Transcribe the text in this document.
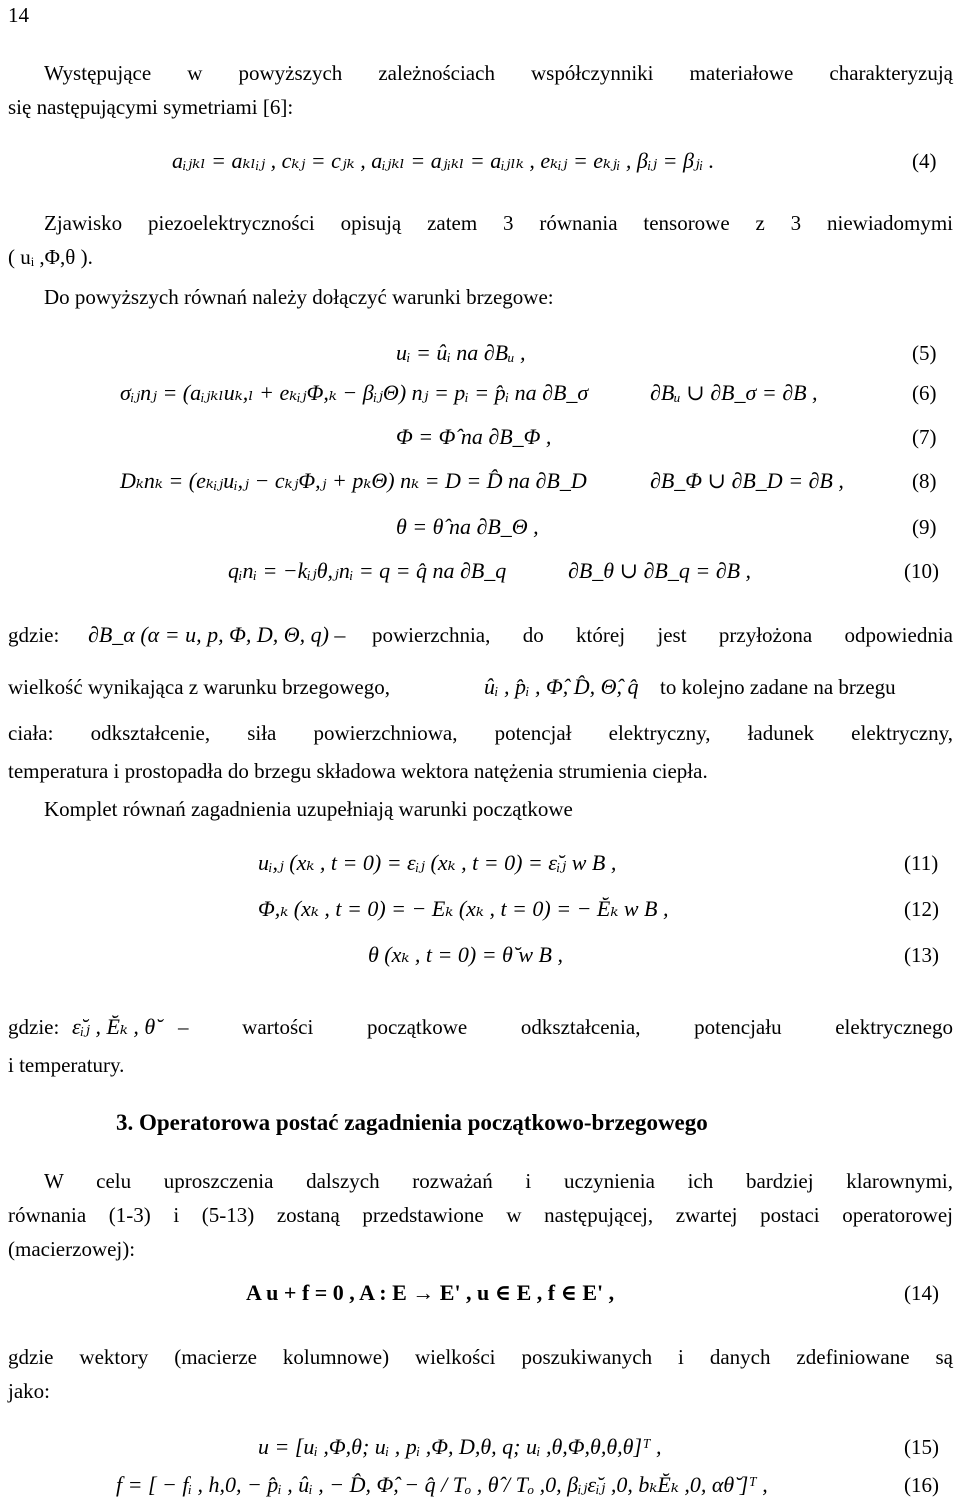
14
Występujące w powyższych zależnościach współczynniki materiałowe charakteryzują
się następującymi symetriami [6]:
aᵢⱼₖₗ = aₖₗᵢⱼ , cₖⱼ = cⱼₖ , aᵢⱼₖₗ = aⱼᵢₖₗ = aᵢⱼₗₖ , eₖᵢⱼ = eₖⱼᵢ , βᵢⱼ = βⱼᵢ .	(4)
Zjawisko piezoelektryczności opisują zatem 3 równania tensorowe z 3 niewiadomymi
( uᵢ ,Φ,θ ).
Do powyższych równań należy dołączyć warunki brzegowe:
uᵢ = ûᵢ na ∂Bᵤ ,	(5)
σᵢⱼnⱼ = (aᵢⱼₖₗuₖ,ₗ + eₖᵢⱼΦ,ₖ − βᵢⱼΘ) nⱼ = pᵢ = p̂ᵢ na ∂B_σ	∂Bᵤ ∪ ∂B_σ = ∂B ,	(6)
Φ = Φ̂ na ∂B_Φ ,	(7)
Dₖnₖ = (eₖᵢⱼuᵢ,ⱼ − cₖⱼΦ,ⱼ + pₖΘ) nₖ = D = D̂ na ∂B_D	∂B_Φ ∪ ∂B_D = ∂B ,	(8)
θ = θ̂ na ∂B_Θ ,	(9)
qᵢnᵢ = −kᵢⱼθ,ⱼnᵢ = q = q̂ na ∂B_q	∂B_θ ∪ ∂B_q = ∂B ,	(10)
gdzie: ∂B_α (α = u, p, Φ, D, Θ, q) – powierzchnia, do której jest przyłożona odpowiednia
wielkość wynikająca z warunku brzegowego,	ûᵢ , p̂ᵢ , Φ̂, D̂, Θ̂, q̂ to kolejno zadane na brzegu
ciała: odkształcenie, siła powierzchniowa, potencjał elektryczny, ładunek elektryczny,
temperatura i prostopadła do brzegu składowa wektora natężenia strumienia ciepła.
Komplet równań zagadnienia uzupełniają warunki początkowe
uᵢ,ⱼ (xₖ , t = 0) = εᵢⱼ (xₖ , t = 0) = ε̆ᵢⱼ w B ,	(11)
Φ,ₖ (xₖ , t = 0) = − Eₖ (xₖ , t = 0) = − Ĕₖ w B ,	(12)
θ (xₖ , t = 0) = θ̆ w B ,	(13)
gdzie: ε̆ᵢⱼ , Ĕₖ , θ̆ – wartości początkowe odkształcenia, potencjału elektrycznego
i temperatury.
3. Operatorowa postać zagadnienia początkowo-brzegowego
W celu uproszczenia dalszych rozważań i uczynienia ich bardziej klarownymi,
równania (1-3) i (5-13) zostaną przedstawione w następującej, zwartej postaci operatorowej
(macierzowej):
A u + f = 0 , A : E → E' , u ∈ E , f ∈ E' ,	(14)
gdzie wektory (macierze kolumnowe) wielkości poszukiwanych i danych zdefiniowane są
jako:
u = [uᵢ ,Φ,θ; uᵢ , pᵢ ,Φ, D,θ, q; uᵢ ,θ,Φ,θ,θ,θ]ᵀ ,	(15)
f = [ − fᵢ , h,0, − p̂ᵢ , ûᵢ , − D̂, Φ̂, − q̂ / Tₒ , θ̂ / Tₒ ,0, βᵢⱼε̆ᵢⱼ ,0, bₖĔₖ ,0, αθ̆ ]ᵀ ,	(16)
